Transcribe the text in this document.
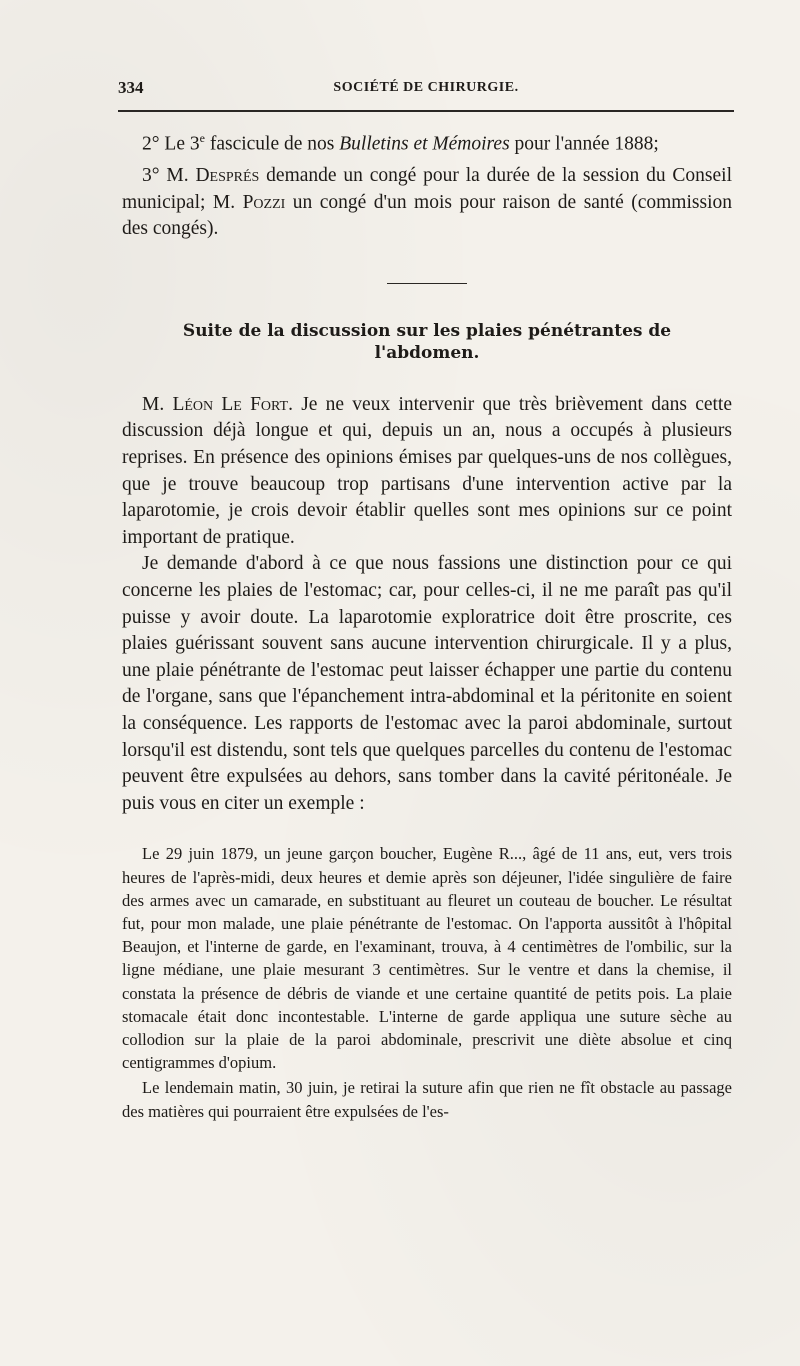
334	SOCIÉTÉ DE CHIRURGIE.

2° Le 3e fascicule de nos Bulletins et Mémoires pour l'année 1888;

3° M. Després demande un congé pour la durée de la session du Conseil municipal; M. Pozzi un congé d'un mois pour raison de santé (commission des congés).

Suite de la discussion sur les plaies pénétrantes de
l'abdomen.

M. Léon Le Fort. Je ne veux intervenir que très brièvement dans cette discussion déjà longue et qui, depuis un an, nous a occupés à plusieurs reprises. En présence des opinions émises par quelques-uns de nos collègues, que je trouve beaucoup trop partisans d'une intervention active par la laparotomie, je crois devoir établir quelles sont mes opinions sur ce point important de pratique.

Je demande d'abord à ce que nous fassions une distinction pour ce qui concerne les plaies de l'estomac; car, pour celles-ci, il ne me paraît pas qu'il puisse y avoir doute. La laparotomie exploratrice doit être proscrite, ces plaies guérissant souvent sans aucune intervention chirurgicale. Il y a plus, une plaie pénétrante de l'estomac peut laisser échapper une partie du contenu de l'organe, sans que l'épanchement intra-abdominal et la péritonite en soient la conséquence. Les rapports de l'estomac avec la paroi abdominale, surtout lorsqu'il est distendu, sont tels que quelques parcelles du contenu de l'estomac peuvent être expulsées au dehors, sans tomber dans la cavité péritonéale. Je puis vous en citer un exemple :

Le 29 juin 1879, un jeune garçon boucher, Eugène R..., âgé de 11 ans, eut, vers trois heures de l'après-midi, deux heures et demie après son déjeuner, l'idée singulière de faire des armes avec un camarade, en substituant au fleuret un couteau de boucher. Le résultat fut, pour mon malade, une plaie pénétrante de l'estomac. On l'apporta aussitôt à l'hôpital Beaujon, et l'interne de garde, en l'examinant, trouva, à 4 centimètres de l'ombilic, sur la ligne médiane, une plaie mesurant 3 centimètres. Sur le ventre et dans la chemise, il constata la présence de débris de viande et une certaine quantité de petits pois. La plaie stomacale était donc incontestable. L'interne de garde appliqua une suture sèche au collodion sur la plaie de la paroi abdominale, prescrivit une diète absolue et cinq centigrammes d'opium.

Le lendemain matin, 30 juin, je retirai la suture afin que rien ne fît obstacle au passage des matières qui pourraient être expulsées de l'es-
